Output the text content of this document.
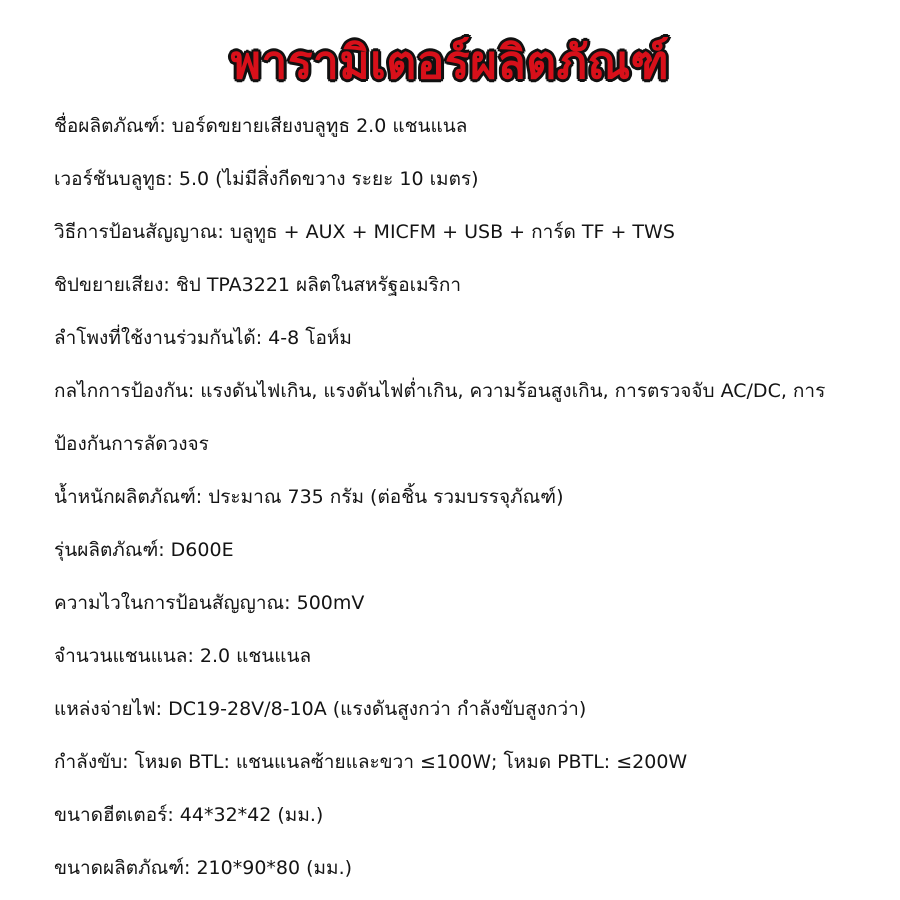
พารามิเตอร์ผลิตภัณฑ์
ชื่อผลิตภัณฑ์: บอร์ดขยายเสียงบลูทูธ 2.0 แชนแนล
เวอร์ชันบลูทูธ: 5.0 (ไม่มีสิ่งกีดขวาง ระยะ 10 เมตร)
วิธีการป้อนสัญญาณ: บลูทูธ + AUX + MICFM + USB + การ์ด TF + TWS
ชิปขยายเสียง: ชิป TPA3221 ผลิตในสหรัฐอเมริกา
ลำโพงที่ใช้งานร่วมกันได้: 4-8 โอห์ม
กลไกการป้องกัน: แรงดันไฟเกิน, แรงดันไฟต่ำเกิน, ความร้อนสูงเกิน, การตรวจจับ AC/DC, การ
ป้องกันการลัดวงจร
น้ำหนักผลิตภัณฑ์: ประมาณ 735 กรัม (ต่อชิ้น รวมบรรจุภัณฑ์)
รุ่นผลิตภัณฑ์: D600E
ความไวในการป้อนสัญญาณ: 500mV
จำนวนแชนแนล: 2.0 แชนแนล
แหล่งจ่ายไฟ: DC19-28V/8-10A (แรงดันสูงกว่า กำลังขับสูงกว่า)
กำลังขับ: โหมด BTL: แชนแนลซ้ายและขวา ≤100W; โหมด PBTL: ≤200W
ขนาดฮีตเตอร์: 44*32*42 (มม.)
ขนาดผลิตภัณฑ์: 210*90*80 (มม.)
